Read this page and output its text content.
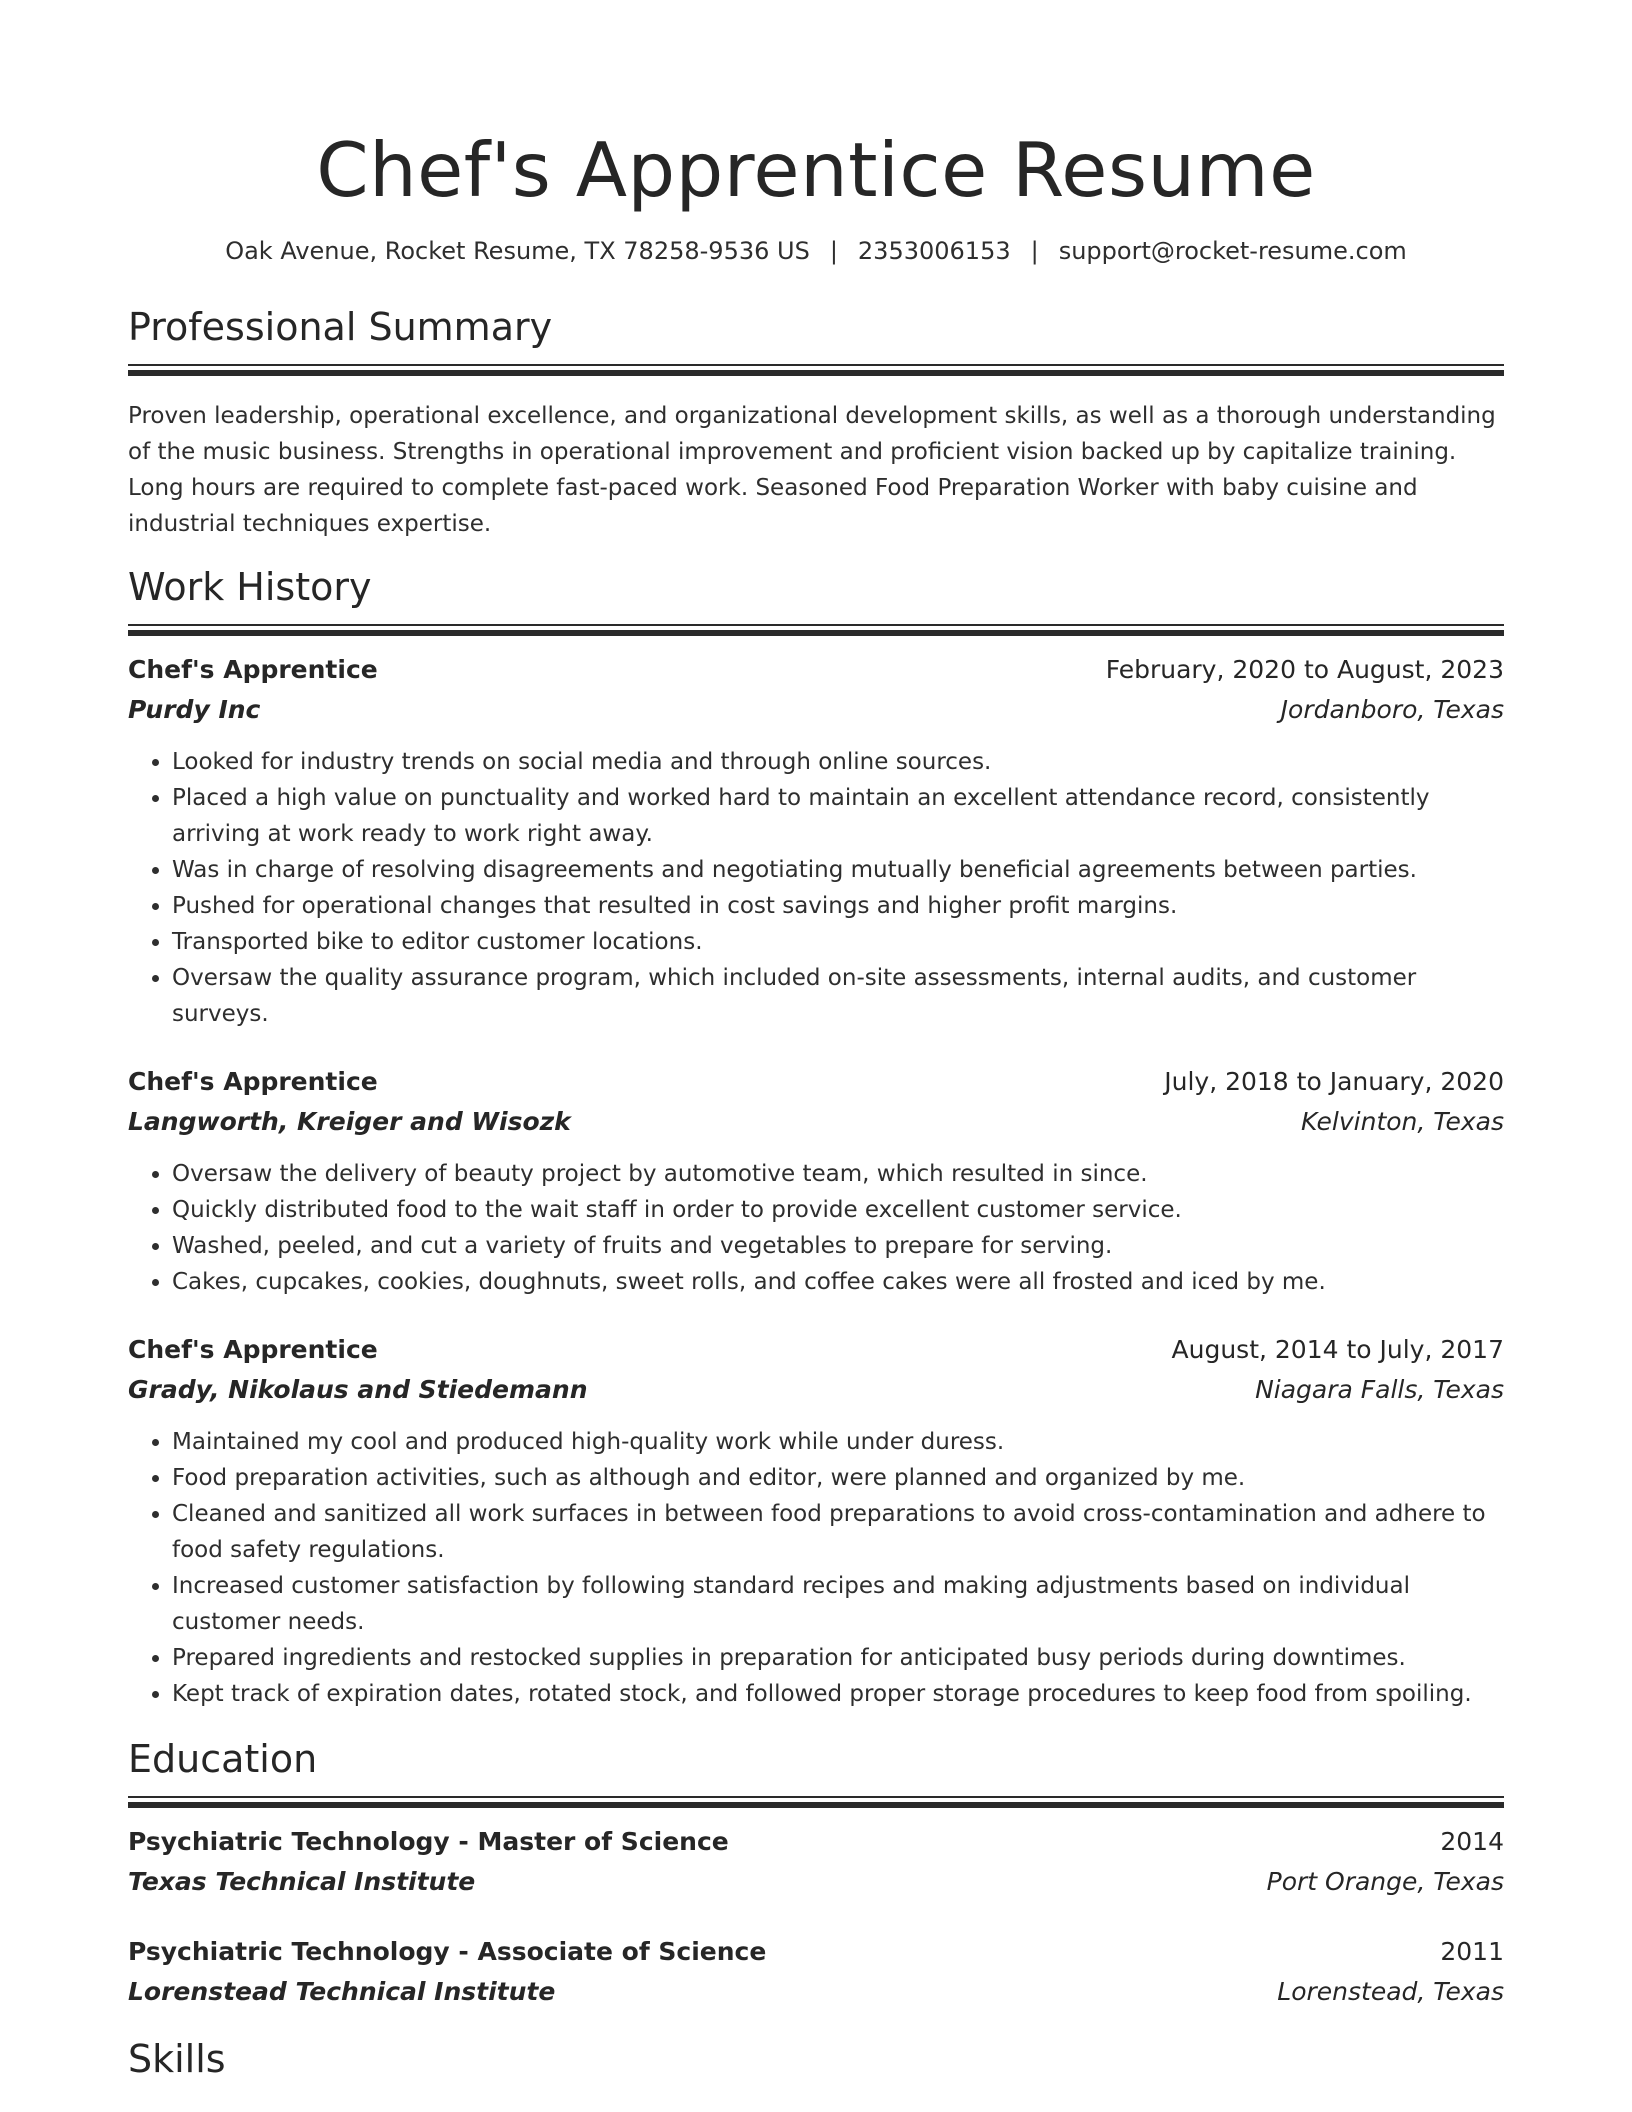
Chef's Apprentice Resume
Oak Avenue, Rocket Resume, TX 78258-9536 US | 2353006153 | support@rocket-resume.com
Professional Summary
Proven leadership, operational excellence, and organizational development skills, as well as a thorough understanding of the music business. Strengths in operational improvement and proficient vision backed up by capitalize training. Long hours are required to complete fast-paced work. Seasoned Food Preparation Worker with baby cuisine and industrial techniques expertise.
Work History
Chef's Apprentice	February, 2020 to August, 2023
Purdy Inc	Jordanboro, Texas
• Looked for industry trends on social media and through online sources.
• Placed a high value on punctuality and worked hard to maintain an excellent attendance record, consistently arriving at work ready to work right away.
• Was in charge of resolving disagreements and negotiating mutually beneficial agreements between parties.
• Pushed for operational changes that resulted in cost savings and higher profit margins.
• Transported bike to editor customer locations.
• Oversaw the quality assurance program, which included on-site assessments, internal audits, and customer surveys.
Chef's Apprentice	July, 2018 to January, 2020
Langworth, Kreiger and Wisozk	Kelvinton, Texas
• Oversaw the delivery of beauty project by automotive team, which resulted in since.
• Quickly distributed food to the wait staff in order to provide excellent customer service.
• Washed, peeled, and cut a variety of fruits and vegetables to prepare for serving.
• Cakes, cupcakes, cookies, doughnuts, sweet rolls, and coffee cakes were all frosted and iced by me.
Chef's Apprentice	August, 2014 to July, 2017
Grady, Nikolaus and Stiedemann	Niagara Falls, Texas
• Maintained my cool and produced high-quality work while under duress.
• Food preparation activities, such as although and editor, were planned and organized by me.
• Cleaned and sanitized all work surfaces in between food preparations to avoid cross-contamination and adhere to food safety regulations.
• Increased customer satisfaction by following standard recipes and making adjustments based on individual customer needs.
• Prepared ingredients and restocked supplies in preparation for anticipated busy periods during downtimes.
• Kept track of expiration dates, rotated stock, and followed proper storage procedures to keep food from spoiling.
Education
Psychiatric Technology - Master of Science	2014
Texas Technical Institute	Port Orange, Texas
Psychiatric Technology - Associate of Science	2011
Lorenstead Technical Institute	Lorenstead, Texas
Skills
